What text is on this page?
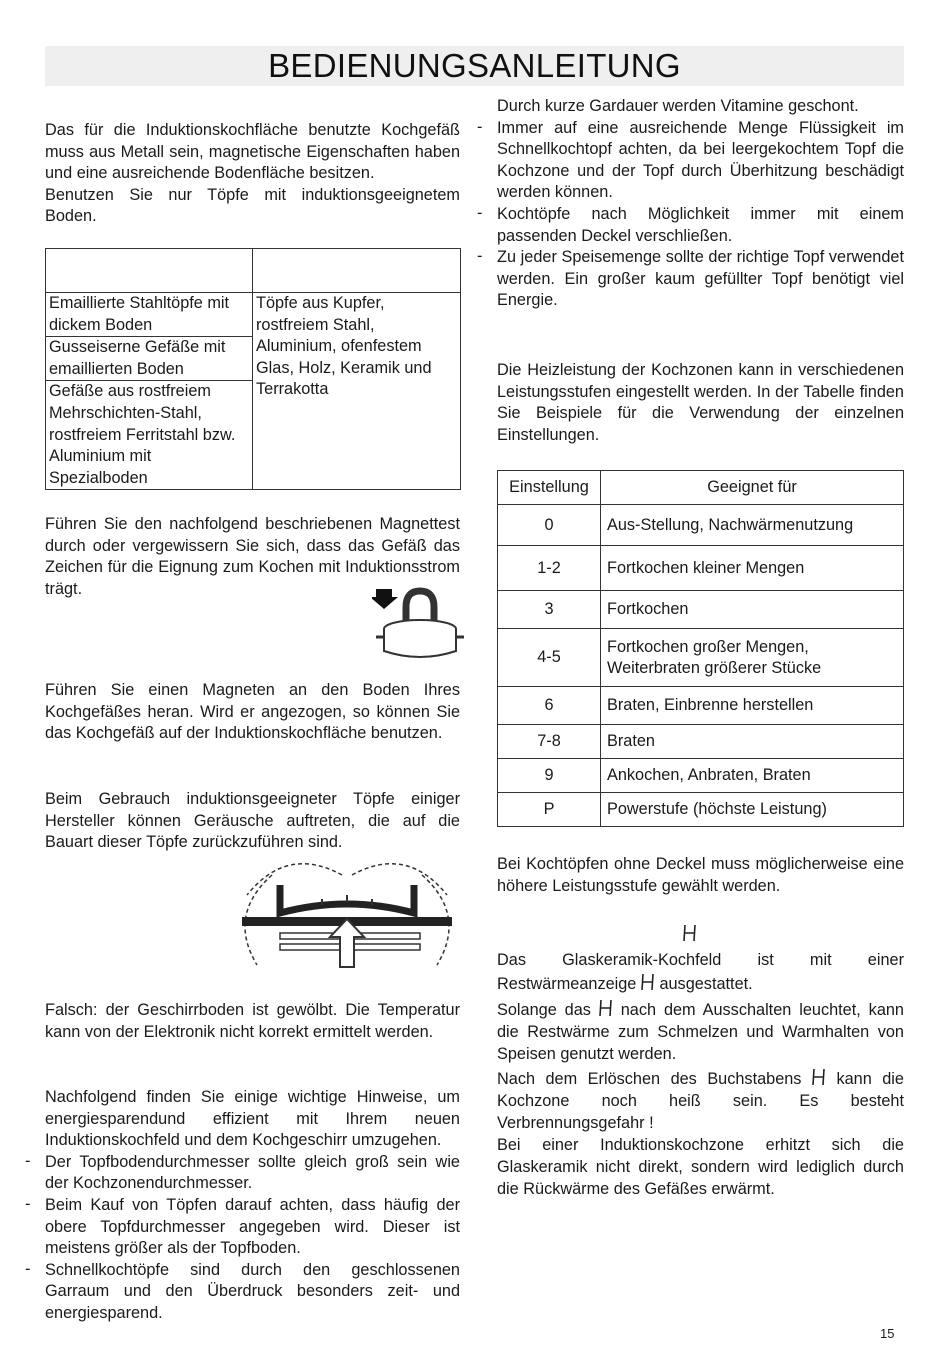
BEDIENUNGSANLEITUNG

Das für die Induktionskochfläche benutzte Kochgefäß muss aus Metall sein, magnetische Eigenschaften haben und eine ausreichende Bodenfläche besitzen.

Benutzen Sie nur Töpfe mit induktionsgeeignetem Boden.

Emaillierte Stahltöpfe mit dickem Boden	Töpfe aus Kupfer, rostfreiem Stahl, Aluminium, ofenfestem Glas, Holz, Keramik und Terrakotta
Gusseiserne Gefäße mit emaillierten Boden	
Gefäße aus rostfreiem Mehrschichten-Stahl, rostfreiem Ferritstahl bzw. Aluminium mit Spezialboden	

Führen Sie den nachfolgend beschriebenen Magnettest durch oder vergewissern Sie sich, dass das Gefäß das Zeichen für die Eignung zum Kochen mit Induktionsstrom trägt.

Führen Sie einen Magneten an den Boden Ihres Kochgefäßes heran. Wird er angezogen, so können Sie das Kochgefäß auf der Induktionskochfläche benutzen.

Beim Gebrauch induktionsgeeigneter Töpfe einiger Hersteller können Geräusche auftreten, die auf die Bauart dieser Töpfe zurückzuführen sind.

Falsch: der Geschirrboden ist gewölbt. Die Temperatur kann von der Elektronik nicht korrekt ermittelt werden.

Nachfolgend finden Sie einige wichtige Hinweise, um energiesparendund effizient mit Ihrem neuen Induktionskochfeld und dem Kochgeschirr umzugehen.

- Der Topfbodendurchmesser sollte gleich groß sein wie der Kochzonendurchmesser.

- Beim Kauf von Töpfen darauf achten, dass häufig der obere Topfdurchmesser angegeben wird. Dieser ist meistens größer als der Topfboden.

- Schnellkochtöpfe sind durch den geschlossenen Garraum und den Überdruck besonders zeit- und energiesparend.

Durch kurze Gardauer werden Vitamine geschont.

- Immer auf eine ausreichende Menge Flüssigkeit im Schnellkochtopf achten, da bei leergekochtem Topf die Kochzone und der Topf durch Überhitzung beschädigt werden können.

- Kochtöpfe nach Möglichkeit immer mit einem passenden Deckel verschließen.

- Zu jeder Speisemenge sollte der richtige Topf verwendet werden. Ein großer kaum gefüllter Topf benötigt viel Energie.

Die Heizleistung der Kochzonen kann in verschiedenen Leistungsstufen eingestellt werden. In der Tabelle finden Sie Beispiele für die Verwendung der einzelnen Einstellungen.

Einstellung	Geeignet für
0	Aus-Stellung, Nachwärmenutzung
1-2	Fortkochen kleiner Mengen
3	Fortkochen
4-5	Fortkochen großer Mengen, Weiterbraten größerer Stücke
6	Braten, Einbrenne herstellen
7-8	Braten
9	Ankochen, Anbraten, Braten
P	Powerstufe (höchste Leistung)

Bei Kochtöpfen ohne Deckel muss möglicherweise eine höhere Leistungsstufe gewählt werden.

Das Glaskeramik-Kochfeld ist mit einer Restwärmeanzeige ausgestattet.

Solange das nach dem Ausschalten leuchtet, kann die Restwärme zum Schmelzen und Warmhalten von Speisen genutzt werden.

Nach dem Erlöschen des Buchstabens kann die Kochzone noch heiß sein. Es besteht Verbrennungsgefahr !

Bei einer Induktionskochzone erhitzt sich die Glaskeramik nicht direkt, sondern wird lediglich durch die Rückwärme des Gefäßes erwärmt.

15
